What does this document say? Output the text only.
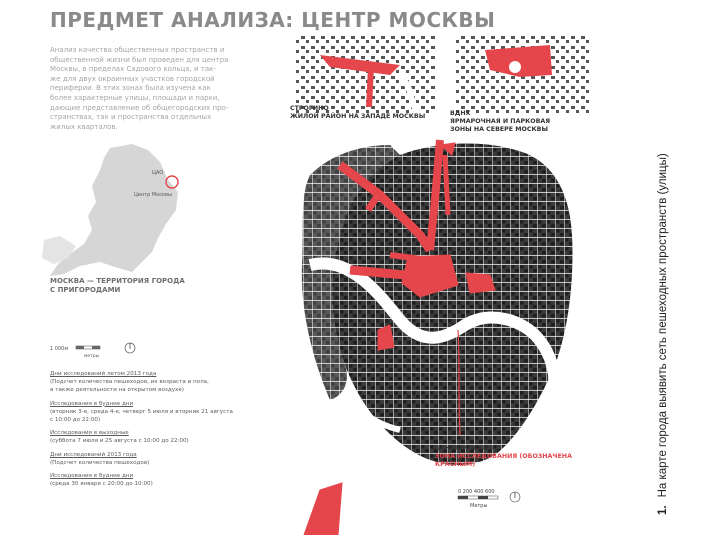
ПРЕДМЕТ АНАЛИЗА: ЦЕНТР МОСКВЫ
Анализ качества общественных пространств и
общественной жизни был проведен для центра
Москвы, в пределах Садового кольца, и так-
же для двух окраинных участков городской
периферии. В этих зонах была изучена как
более характерные улицы, площади и парки,
дающие представление об общегородских про-
странствах, так и пространства отдельных
жилых кварталов.
ЦАО
Центр Москвы
МОСКВА — ТЕРРИТОРИЯ ГОРОДА
С ПРИГОРОДАМИ
1 000м
метры
Дни исследований летом 2013 года
(Подсчет количества пешеходов, их возраста и пола,
а также деятельности на открытом воздухе)
Исследования в будние дни
(вторник 3-е, среда 4-е, четверг 5 июля и вторник 21 августа
с 10:00 до 22:00)
Исследования в выходные
(суббота 7 июля и 25 августа с 10:00 до 22:00)
Дни исследований 2013 года
(Подсчет количества пешеходов)
Исследования в будние дни
(среда 30 января с 20:00 до 10:00)
СТРОГИНО
ЖИЛОЙ РАЙОН НА ЗАПАДЕ МОСКВЫ	ВДНХ
ЯРМАРОЧНАЯ И ПАРКОВАЯ
ЗОНЫ НА СЕВЕРЕ МОСКВЫ
ЦЕНТР МОСКВЫ
ЗОНА ИССЛЕДОВАНИЯ (ОБОЗНАЧЕНА КРАСНЫМ)
0 200 400 600
Метры	1.На карте города выявить сеть пешеходных пространств (улицы)
